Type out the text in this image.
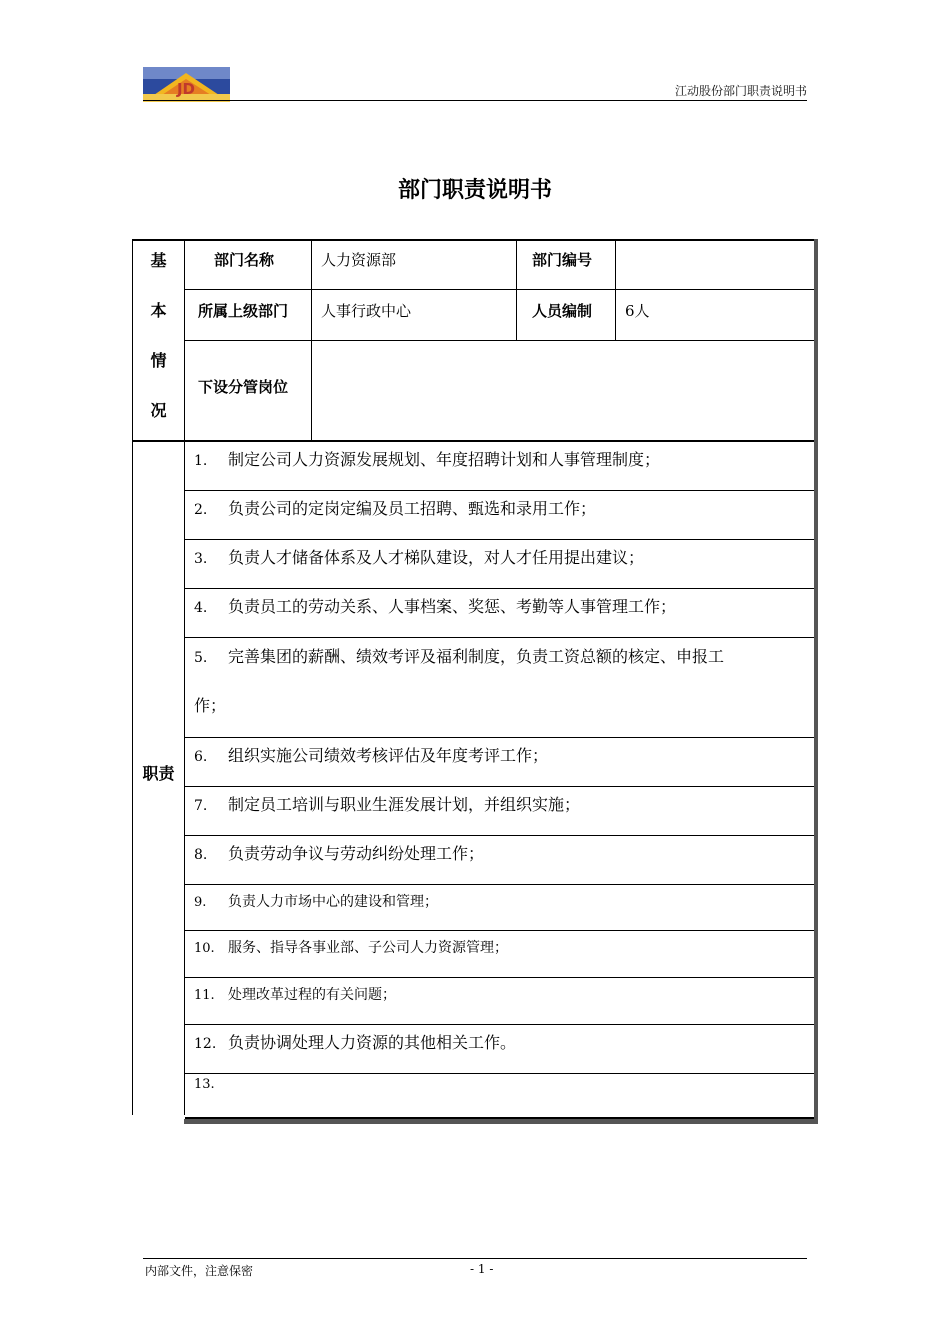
JD	江动股份部门职责说明书
部门职责说明书
基
本
情
况
部门名称	人力资源部	部门编号
所属上级部门 人事行政中心	人员编制 6人
下设分管岗位
职责
1. 制定公司人力资源发展规划、年度招聘计划和人事管理制度；
2. 负责公司的定岗定编及员工招聘、甄选和录用工作；
3. 负责人才储备体系及人才梯队建设，对人才任用提出建议；
4. 负责员工的劳动关系、人事档案、奖惩、考勤等人事管理工作；
5. 完善集团的薪酬、绩效考评及福利制度，负责工资总额的核定、申报工
作；
6. 组织实施公司绩效考核评估及年度考评工作；
7. 制定员工培训与职业生涯发展计划，并组织实施；
8. 负责劳动争议与劳动纠纷处理工作；
9. 负责人力市场中心的建设和管理；
10. 服务、指导各事业部、子公司人力资源管理；
11. 处理改革过程的有关问题；
12. 负责协调处理人力资源的其他相关工作。
13.
内部文件，注意保密	- 1 -
